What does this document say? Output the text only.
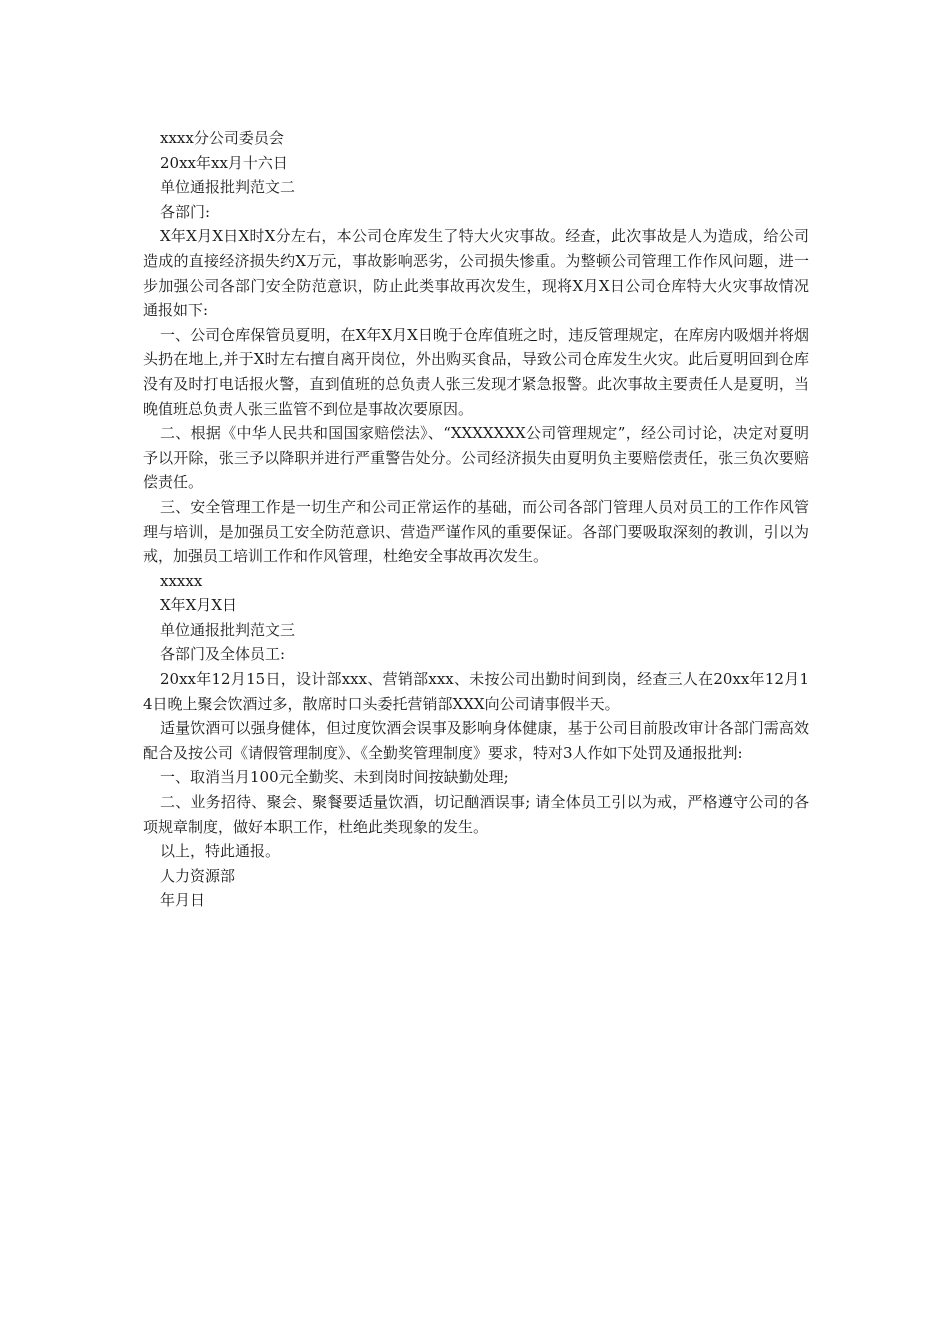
xxxx分公司委员会

20xx年xx月十六日

单位通报批判范文二

各部门:

X年X月X日X时X分左右，本公司仓库发生了特大火灾事故。经查，此次事故是人为造成，给公司造成的直接经济损失约X万元，事故影响恶劣，公司损失惨重。为整顿公司管理工作作风问题，进一步加强公司各部门安全防范意识，防止此类事故再次发生，现将X月X日公司仓库特大火灾事故情况通报如下:

一、公司仓库保管员夏明，在X年X月X日晚于仓库值班之时，违反管理规定，在库房内吸烟并将烟头扔在地上,并于X时左右擅自离开岗位，外出购买食品，导致公司仓库发生火灾。此后夏明回到仓库没有及时打电话报火警，直到值班的总负责人张三发现才紧急报警。此次事故主要责任人是夏明，当晚值班总负责人张三监管不到位是事故次要原因。

二、根据《中华人民共和国国家赔偿法》、“XXXXXXX公司管理规定”，经公司讨论，决定对夏明予以开除，张三予以降职并进行严重警告处分。公司经济损失由夏明负主要赔偿责任，张三负次要赔偿责任。

三、安全管理工作是一切生产和公司正常运作的基础，而公司各部门管理人员对员工的工作作风管理与培训，是加强员工安全防范意识、营造严谨作风的重要保证。各部门要吸取深刻的教训，引以为戒，加强员工培训工作和作风管理，杜绝安全事故再次发生。

xxxxx

X年X月X日

单位通报批判范文三

各部门及全体员工:

20xx年12月15日，设计部xxx、营销部xxx、未按公司出勤时间到岗，经查三人在20xx年12月14日晚上聚会饮酒过多，散席时口头委托营销部XXX向公司请事假半天。

适量饮酒可以强身健体，但过度饮酒会误事及影响身体健康，基于公司目前股改审计各部门需高效配合及按公司《请假管理制度》、《全勤奖管理制度》要求，特对3人作如下处罚及通报批判:

一、取消当月100元全勤奖、未到岗时间按缺勤处理;

二、业务招待、聚会、聚餐要适量饮酒，切记酗酒误事; 请全体员工引以为戒，严格遵守公司的各项规章制度，做好本职工作，杜绝此类现象的发生。

以上，特此通报。

人力资源部

年月日
